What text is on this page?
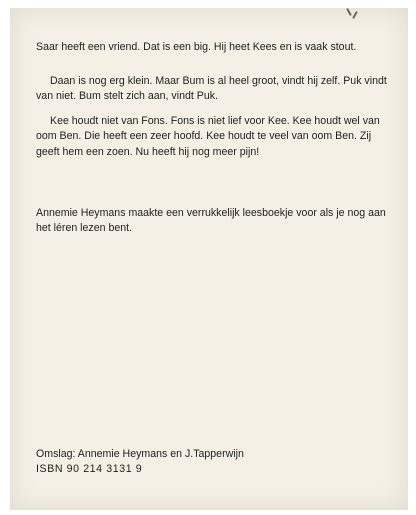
Saar heeft een vriend. Dat is een big. Hij heet Kees en is vaak stout.
Daan is nog erg klein. Maar Bum is al heel groot, vindt hij zelf. Puk vindt van niet. Bum stelt zich aan, vindt Puk.
Kee houdt niet van Fons. Fons is niet lief voor Kee. Kee houdt wel van oom Ben. Die heeft een zeer hoofd. Kee houdt te veel van oom Ben. Zij geeft hem een zoen. Nu heeft hij nog meer pijn!
Annemie Heymans maakte een verrukkelijk leesboekje voor als je nog aan het léren lezen bent.
Omslag: Annemie Heymans en J.Tapperwijn
ISBN 90 214 3131 9
